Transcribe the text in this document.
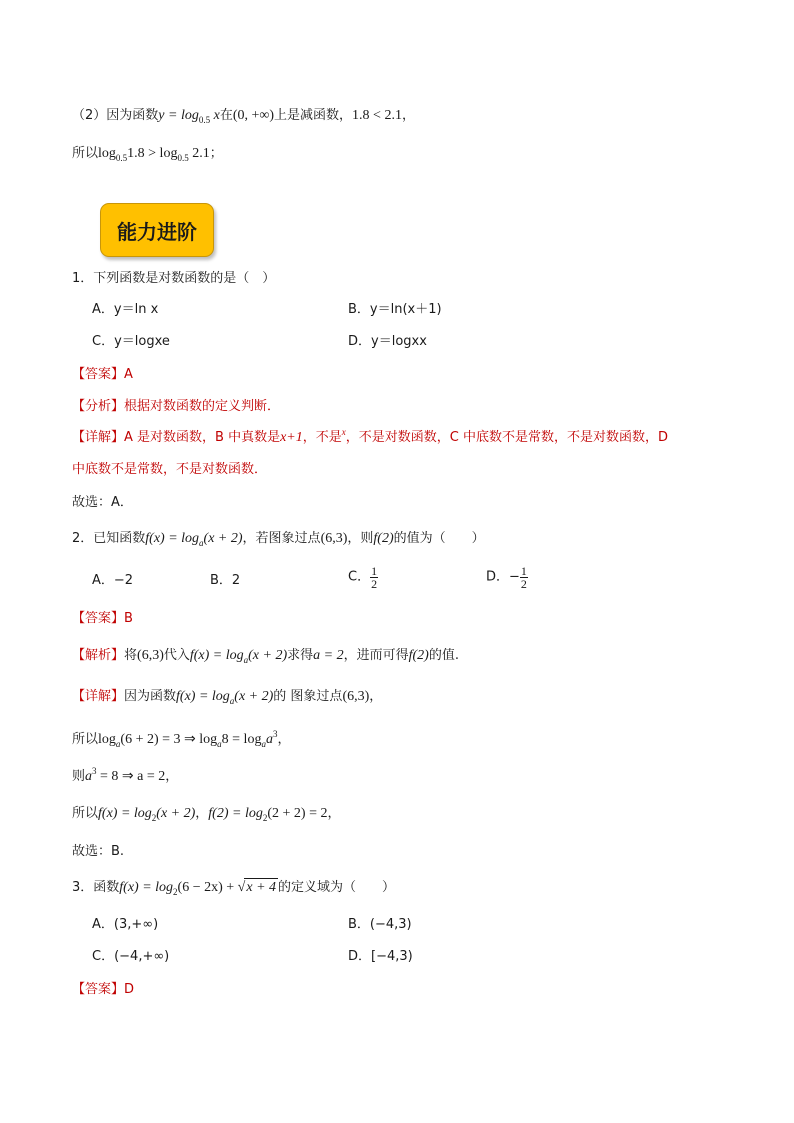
（2）因为函数$y = \log_{0.5} x$在(0, +∞)上是减函数，1.8 < 2.1，
所以$\log_{0.5}1.8 > \log_{0.5} 2.1$；
能力进阶
1．下列函数是对数函数的是（　）
A．y＝ln x	B．y＝ln(x＋1)
C．y＝logxe	D．y＝logxx
【答案】A
【分析】根据对数函数的定义判断．
【详解】A 是对数函数，B 中真数是x+1，不是$^x$，不是对数函数，C 中底数不是常数，不是对数函数，D
中底数不是常数，不是对数函数．
故选：A．
2．已知函数$f(x) = \log_a(x + 2)$，若图象过点(6,3)，则f(2)的值为（　　）
A．−2	B．2	C． $\frac{1}{2}$	D．− $\frac{1}{2}$
【答案】B
【解析】将(6,3)代入$f(x) = \log_a(x + 2)$求得a = 2，进而可得f(2)的值.
【详解】因为函数$f(x) = \log_a(x + 2)$的 图象过点(6,3)，
所以$\log_a(6 + 2) = 3$ ⇒ $\log_a8 = \log_aa^3$，
则$a^3 = 8$ ⇒ a = 2，
所以$f(x) = \log_2(x + 2)$，$f(2) = \log_2(2 + 2) = 2$，
故选：B.
3．函数$f(x) = \log_2(6 - 2x) + √x + 4$ 的定义域为（　　）
A．(3,+∞)	B．(−4,3)
C．(−4,+∞)	D．[−4,3)
【答案】D
